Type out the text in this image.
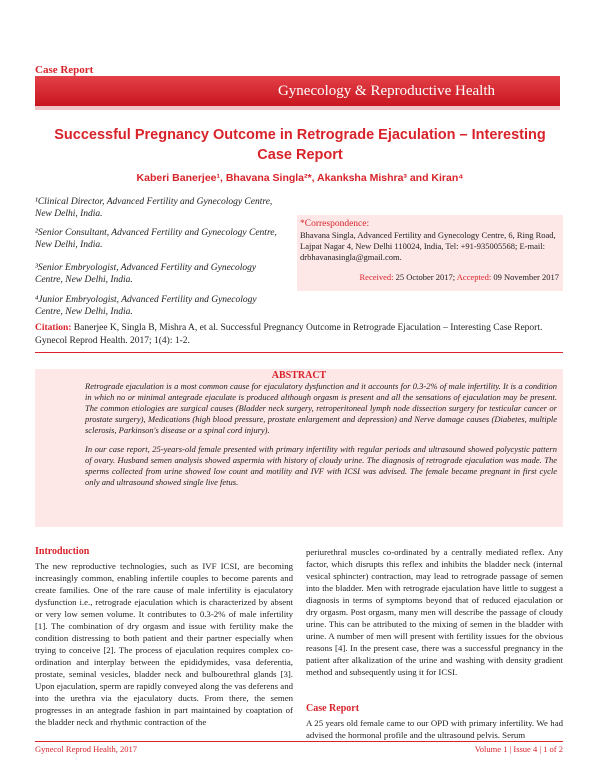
Case Report
Gynecology & Reproductive Health
Successful Pregnancy Outcome in Retrograde Ejaculation – Interesting Case Report
Kaberi Banerjee¹, Bhavana Singla²*, Akanksha Mishra³ and Kiran⁴
¹Clinical Director, Advanced Fertility and Gynecology Centre, New Delhi, India.
²Senior Consultant, Advanced Fertility and Gynecology Centre, New Delhi, India.
³Senior Embryologist, Advanced Fertility and Gynecology Centre, New Delhi, India.
⁴Junior Embryologist, Advanced Fertility and Gynecology Centre, New Delhi, India.
*Correspondence:
Bhavana Singla, Advanced Fertility and Gynecology Centre, 6, Ring Road, Lajpat Nagar 4, New Delhi 110024, India, Tel: +91-935005568; E-mail: drbhavanasingla@gmail.com.
Received: 25 October 2017; Accepted: 09 November 2017
Citation: Banerjee K, Singla B, Mishra A, et al. Successful Pregnancy Outcome in Retrograde Ejaculation – Interesting Case Report. Gynecol Reprod Health. 2017; 1(4): 1-2.
ABSTRACT

Retrograde ejaculation is a most common cause for ejaculatory dysfunction and it accounts for 0.3-2% of male infertility. It is a condition in which no or minimal antegrade ejaculate is produced although orgasm is present and all the sensations of ejaculation may be present. The common etiologies are surgical causes (Bladder neck surgery, retroperitoneal lymph node dissection surgery for testicular cancer or prostate surgery), Medications (high blood pressure, prostate enlargement and depression) and Nerve damage causes (Diabetes, multiple sclerosis, Parkinson's disease or a spinal cord injury).

In our case report, 25-years-old female presented with primary infertility with regular periods and ultrasound showed polycystic pattern of ovary. Husband semen analysis showed aspermia with history of cloudy urine. The diagnosis of retrograde ejaculation was made. The sperms collected from urine showed low count and motility and IVF with ICSI was advised. The female became pregnant in first cycle only and ultrasound showed single live fetus.

Introduction
The new reproductive technologies, such as IVF ICSI, are becoming increasingly common, enabling infertile couples to become parents and create families. One of the rare cause of male infertility is ejaculatory dysfunction i.e., retrograde ejaculation which is characterized by absent or very low semen volume. It contributes to 0.3-2% of male infertility [1]. The combination of dry orgasm and issue with fertility make the condition distressing to both patient and their partner especially when trying to conceive [2]. The process of ejaculation requires complex co-ordination and interplay between the epididymides, vasa deferentia, prostate, seminal vesicles, bladder neck and bulbourethral glands [3]. Upon ejaculation, sperm are rapidly conveyed along the vas deferens and into the urethra via the ejaculatory ducts. From there, the semen progresses in an antegrade fashion in part maintained by coaptation of the bladder neck and rhythmic contraction of the
periurethral muscles co-ordinated by a centrally mediated reflex. Any factor, which disrupts this reflex and inhibits the bladder neck (internal vesical sphincter) contraction, may lead to retrograde passage of semen into the bladder. Men with retrograde ejaculation have little to suggest a diagnosis in terms of symptoms beyond that of reduced ejaculation or dry orgasm. Post orgasm, many men will describe the passage of cloudy urine. This can be attributed to the mixing of semen in the bladder with urine. A number of men will present with fertility issues for the obvious reasons [4]. In the present case, there was a successful pregnancy in the patient after alkalization of the urine and washing with density gradient method and subsequently using it for ICSI.
Case Report
A 25 years old female came to our OPD with primary infertility. We had advised the hormonal profile and the ultrasound pelvis. Serum
Gynecol Reprod Health, 2017	Volume 1 | Issue 4 | 1 of 2
